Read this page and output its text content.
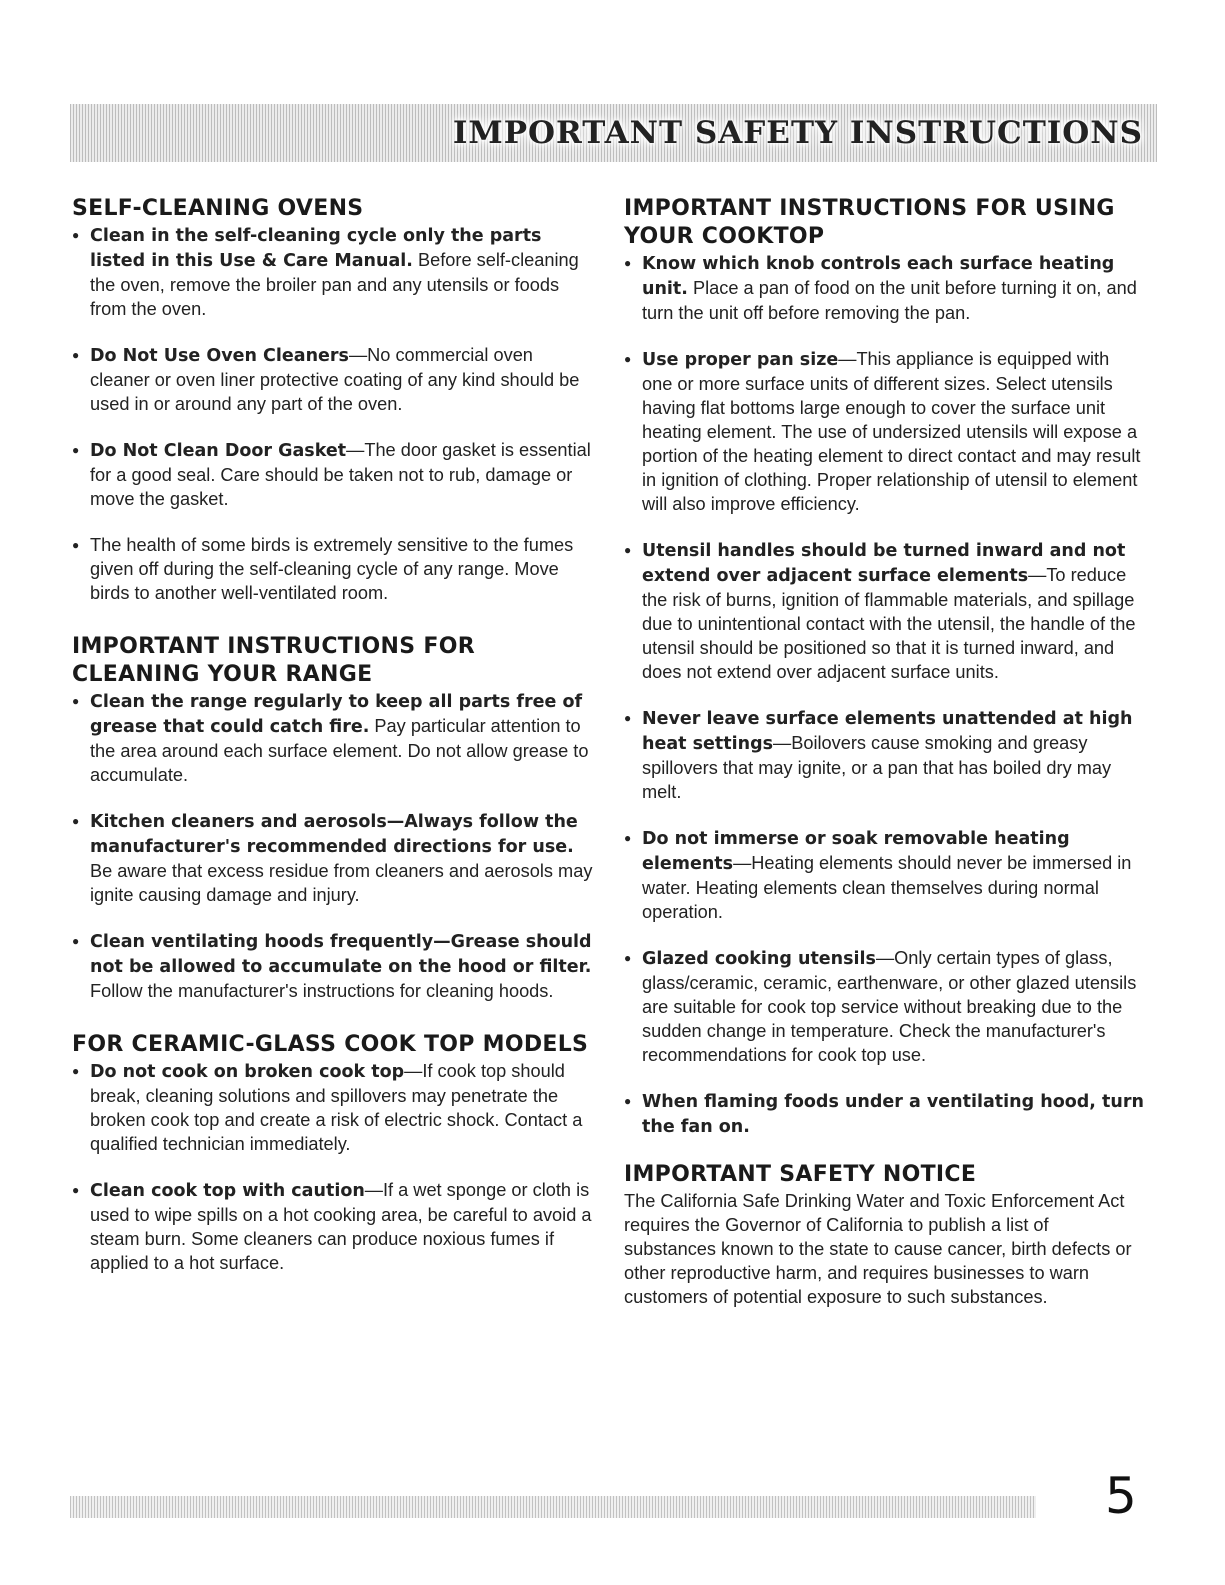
IMPORTANT SAFETY INSTRUCTIONS
SELF-CLEANING OVENS

● Clean in the self-cleaning cycle only the parts listed in this Use & Care Manual. Before self-cleaning the oven, remove the broiler pan and any utensils or foods from the oven.

● Do Not Use Oven Cleaners—No commercial oven cleaner or oven liner protective coating of any kind should be used in or around any part of the oven.

● Do Not Clean Door Gasket—The door gasket is essential for a good seal. Care should be taken not to rub, damage or move the gasket.

● The health of some birds is extremely sensitive to the fumes given off during the self-cleaning cycle of any range. Move birds to another well-ventilated room.

IMPORTANT INSTRUCTIONS FOR CLEANING YOUR RANGE

● Clean the range regularly to keep all parts free of grease that could catch fire. Pay particular attention to the area around each surface element. Do not allow grease to accumulate.

● Kitchen cleaners and aerosols—Always follow the manufacturer's recommended directions for use. Be aware that excess residue from cleaners and aerosols may ignite causing damage and injury.

● Clean ventilating hoods frequently—Grease should not be allowed to accumulate on the hood or filter. Follow the manufacturer's instructions for cleaning hoods.

FOR CERAMIC-GLASS COOK TOP MODELS

● Do not cook on broken cook top—If cook top should break, cleaning solutions and spillovers may penetrate the broken cook top and create a risk of electric shock. Contact a qualified technician immediately.

● Clean cook top with caution—If a wet sponge or cloth is used to wipe spills on a hot cooking area, be careful to avoid a steam burn. Some cleaners can produce noxious fumes if applied to a hot surface.

IMPORTANT INSTRUCTIONS FOR USING YOUR COOKTOP

● Know which knob controls each surface heating unit. Place a pan of food on the unit before turning it on, and turn the unit off before removing the pan.

● Use proper pan size—This appliance is equipped with one or more surface units of different sizes. Select utensils having flat bottoms large enough to cover the surface unit heating element. The use of undersized utensils will expose a portion of the heating element to direct contact and may result in ignition of clothing. Proper relationship of utensil to element will also improve efficiency.

● Utensil handles should be turned inward and not extend over adjacent surface elements—To reduce the risk of burns, ignition of flammable materials, and spillage due to unintentional contact with the utensil, the handle of the utensil should be positioned so that it is turned inward, and does not extend over adjacent surface units.

● Never leave surface elements unattended at high heat settings—Boilovers cause smoking and greasy spillovers that may ignite, or a pan that has boiled dry may melt.

● Do not immerse or soak removable heating elements—Heating elements should never be immersed in water. Heating elements clean themselves during normal operation.

● Glazed cooking utensils—Only certain types of glass, glass/ceramic, ceramic, earthenware, or other glazed utensils are suitable for cook top service without breaking due to the sudden change in temperature. Check the manufacturer's recommendations for cook top use.

● When flaming foods under a ventilating hood, turn the fan on.

IMPORTANT SAFETY NOTICE

The California Safe Drinking Water and Toxic Enforcement Act requires the Governor of California to publish a list of substances known to the state to cause cancer, birth defects or other reproductive harm, and requires businesses to warn customers of potential exposure to such substances.

5
